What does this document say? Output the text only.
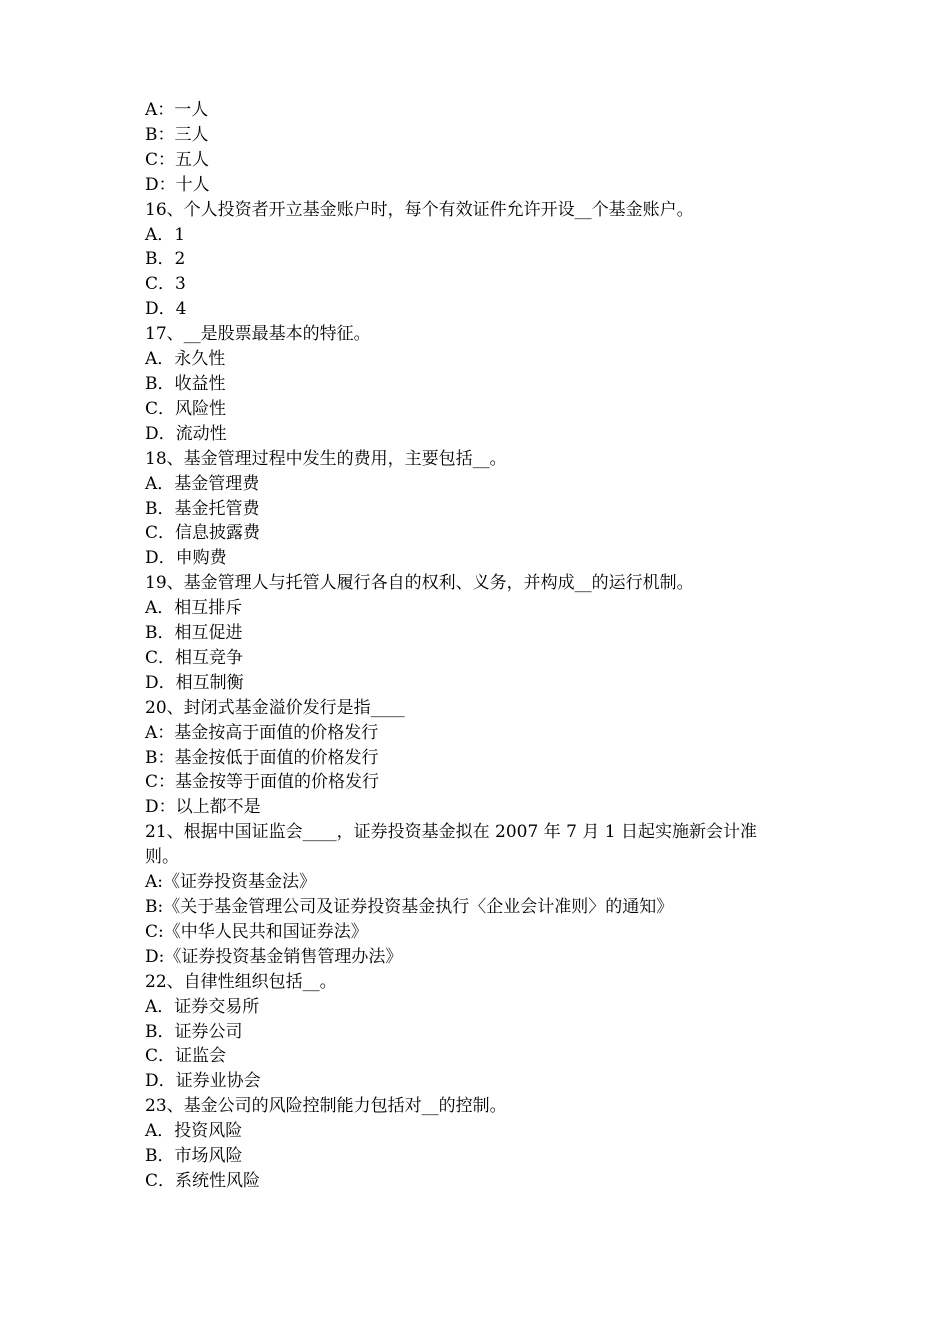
A：一人

B：三人

C：五人

D：十人

16、个人投资者开立基金账户时，每个有效证件允许开设__个基金账户。

A．1

B．2

C．3

D．4

17、__是股票最基本的特征。

A．永久性

B．收益性

C．风险性

D．流动性

18、基金管理过程中发生的费用，主要包括__。

A．基金管理费

B．基金托管费

C．信息披露费

D．申购费

19、基金管理人与托管人履行各自的权利、义务，并构成__的运行机制。

A．相互排斥

B．相互促进

C．相互竞争

D．相互制衡

20、封闭式基金溢价发行是指____

A：基金按高于面值的价格发行

B：基金按低于面值的价格发行

C：基金按等于面值的价格发行

D：以上都不是

21、根据中国证监会____，证券投资基金拟在 2007 年 7 月 1 日起实施新会计准

则。

A:《证券投资基金法》

B:《关于基金管理公司及证券投资基金执行〈企业会计准则〉的通知》

C:《中华人民共和国证券法》

D:《证券投资基金销售管理办法》

22、自律性组织包括__。

A．证券交易所

B．证券公司

C．证监会

D．证券业协会

23、基金公司的风险控制能力包括对__的控制。

A．投资风险

B．市场风险

C．系统性风险
